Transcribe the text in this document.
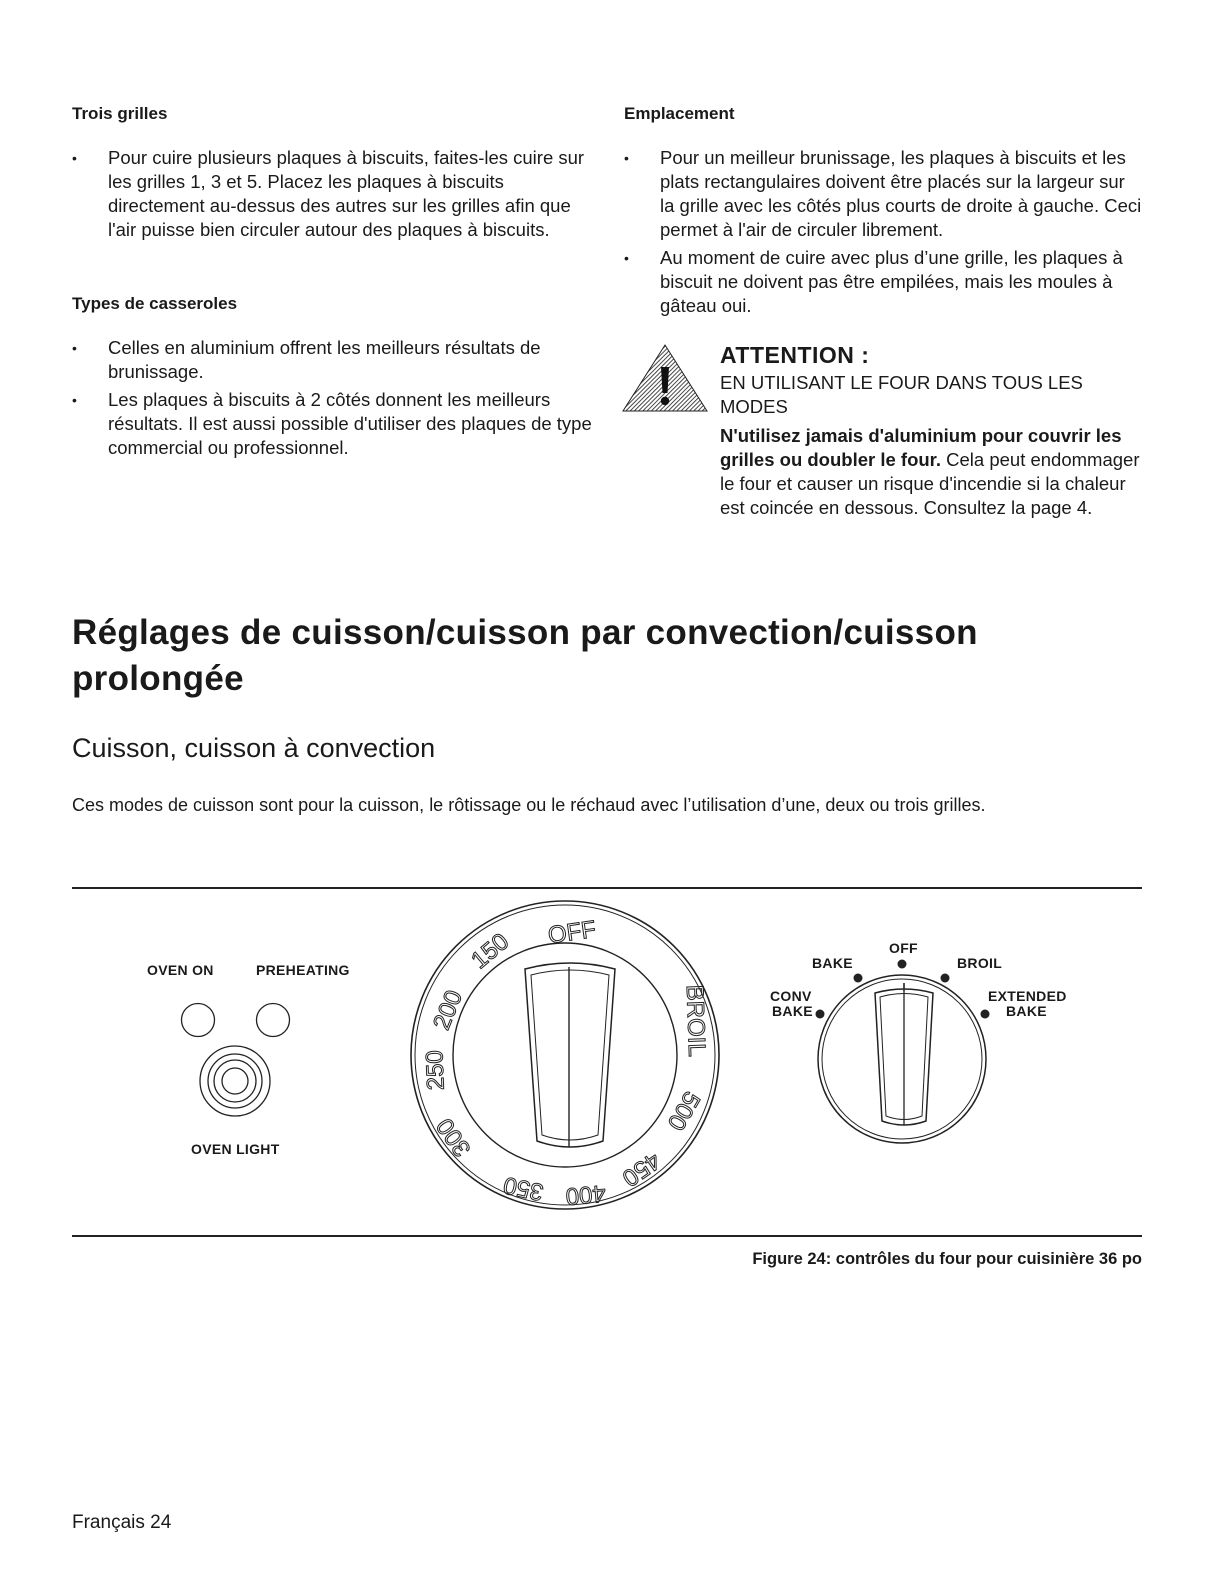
Trois grilles
• Pour cuire plusieurs plaques à biscuits, faites-les cuire sur les grilles 1, 3 et 5. Placez les plaques à biscuits directement au-dessus des autres sur les grilles afin que l'air puisse bien circuler autour des plaques à biscuits.
Types de casseroles
• Celles en aluminium offrent les meilleurs résultats de brunissage.
• Les plaques à biscuits à 2 côtés donnent les meilleurs résultats. Il est aussi possible d'utiliser des plaques de type commercial ou professionnel.
Emplacement
• Pour un meilleur brunissage, les plaques à biscuits et les plats rectangulaires doivent être placés sur la largeur sur la grille avec les côtés plus courts de droite à gauche. Ceci permet à l'air de circuler librement.
• Au moment de cuire avec plus d’une grille, les plaques à biscuit ne doivent pas être empilées, mais les moules à gâteau oui.
ATTENTION :
EN UTILISANT LE FOUR DANS TOUS LES MODES
N'utilisez jamais d'aluminium pour couvrir les grilles ou doubler le four. Cela peut endommager le four et causer un risque d'incendie si la chaleur est coincée en dessous. Consultez la page 4.
Réglages de cuisson/cuisson par convection/cuisson prolongée
Cuisson, cuisson à convection
Ces modes de cuisson sont pour la cuisson, le rôtissage ou le réchaud avec l’utilisation d’une, deux ou trois grilles.
OVEN ON	PREHEATING
OVEN LIGHT
OFF
150
200
250
300
350 400
450
500
BROIL
OFF
BAKE	BROIL
CONV
BAKE
EXTENDED
BAKE
Figure 24: contrôles du four pour cuisinière 36 po
Français 24
